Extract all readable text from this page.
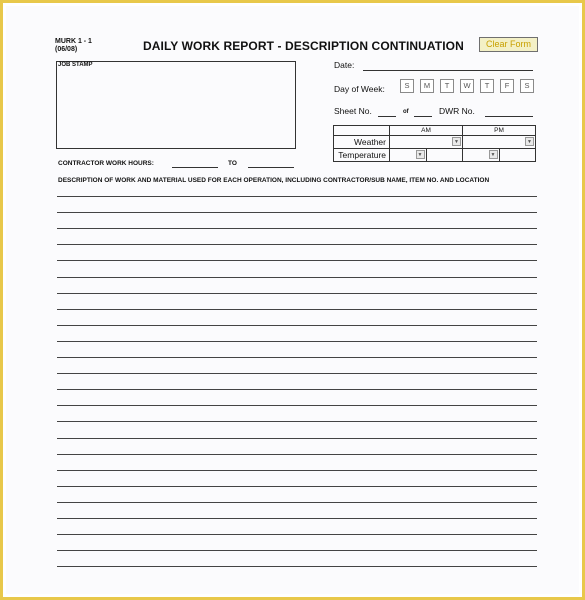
MURK 1 - 1
(06/08)	DAILY WORK REPORT - DESCRIPTION CONTINUATION	Clear Form
JOB STAMP
CONTRACTOR WORK HOURS:	TO
Date:
Day of Week:	S	M	T	W	T	F	S
Sheet No.	of	DWR No.
	AM		PM	
Weather	▼		▼	

Temperature	▼		▼	

DESCRIPTION OF WORK AND MATERIAL USED FOR EACH OPERATION, INCLUDING CONTRACTOR/SUB NAME, ITEM NO. AND LOCATION
